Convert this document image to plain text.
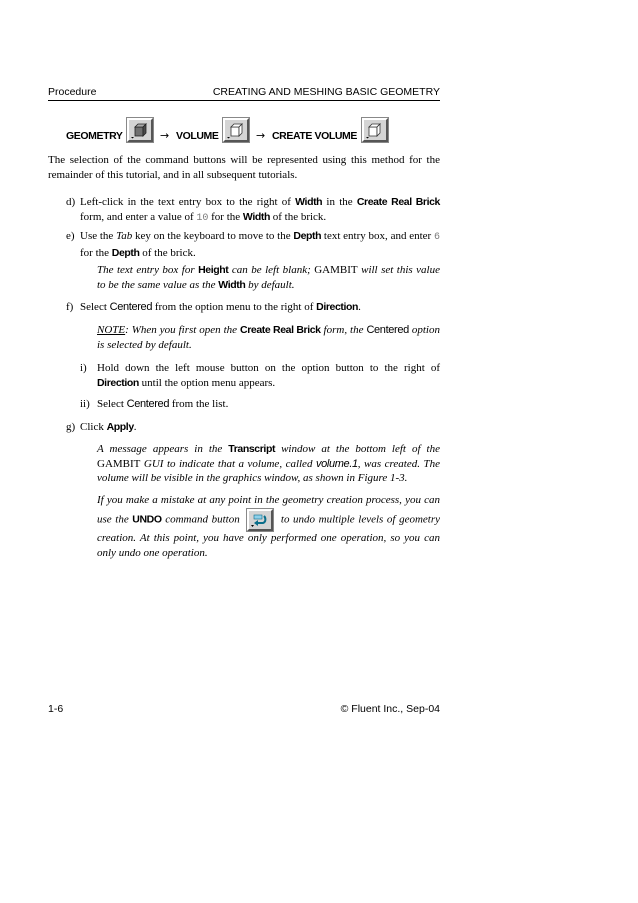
Procedure	CREATING AND MESHING BASIC GEOMETRY
GEOMETRY	→ VOLUME	→ CREATE VOLUME
The selection of the command buttons will be represented using this method for the remainder of this tutorial, and in all subsequent tutorials.
d) Left-click in the text entry box to the right of Width in the Create Real Brick form, and enter a value of 10 for the Width of the brick.
e) Use the Tab key on the keyboard to move to the Depth text entry box, and enter 6 for the Depth of the brick.
The text entry box for Height can be left blank; GAMBIT will set this value to be the same value as the Width by default.
f) Select Centered from the option menu to the right of Direction.
NOTE: When you first open the Create Real Brick form, the Centered option is selected by default.
i) Hold down the left mouse button on the option button to the right of Direction until the option menu appears.
ii) Select Centered from the list.
g) Click Apply.
A message appears in the Transcript window at the bottom left of the GAMBIT GUI to indicate that a volume, called volume.1, was created. The volume will be visible in the graphics window, as shown in Figure 1-3.
If you make a mistake at any point in the geometry creation process, you can use the UNDO command button	to undo multiple levels of geometry creation. At this point, you have only performed one operation, so you can only undo one operation.
1-6	© Fluent Inc., Sep-04
